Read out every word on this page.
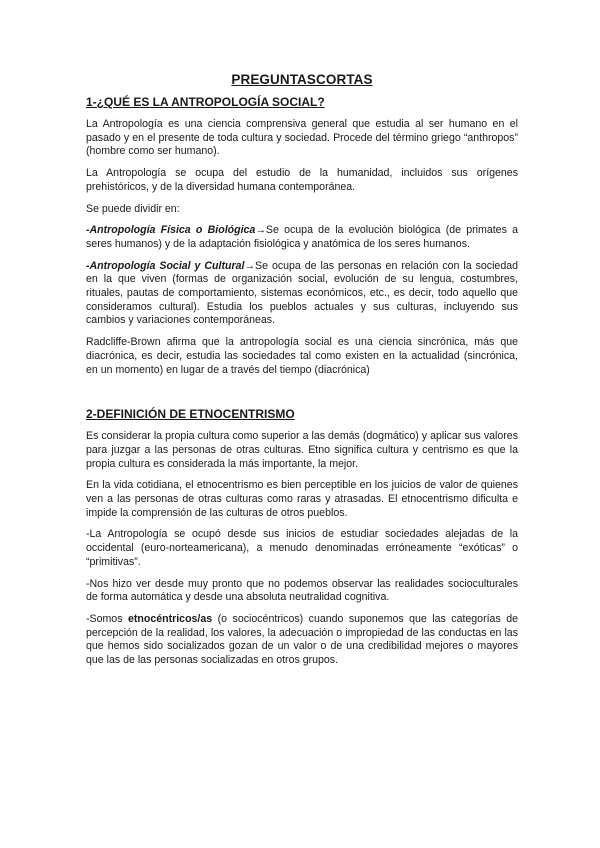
PREGUNTASCORTAS
1-¿QUÉ ES LA ANTROPOLOGÍA SOCIAL?

La Antropología es una ciencia comprensiva general que estudia al ser humano en el pasado y en el presente de toda cultura y sociedad. Procede del término griego “anthropos” (hombre como ser humano).

La Antropología se ocupa del estudio de la humanidad, incluidos sus orígenes prehistóricos, y de la diversidad humana contemporánea.

Se puede dividir en:

-Antropología Física o Biológica→Se ocupa de la evolución biológica (de primates a seres humanos) y de la adaptación fisiológica y anatómica de los seres humanos.

-Antropología Social y Cultural→Se ocupa de las personas en relación con la sociedad en la que viven (formas de organización social, evolución de su lengua, costumbres, rituales, pautas de comportamiento, sistemas económicos, etc., es decir, todo aquello que consideramos cultural). Estudia los pueblos actuales y sus culturas, incluyendo sus cambios y variaciones contemporáneas.

Radcliffe-Brown afirma que la antropología social es una ciencia sincrónica, más que diacrónica, es decir, estudia las sociedades tal como existen en la actualidad (sincrónica, en un momento) en lugar de a través del tiempo (diacrónica)

2-DEFINICIÓN DE ETNOCENTRISMO

Es considerar la propia cultura como superior a las demás (dogmático) y aplicar sus valores para juzgar a las personas de otras culturas. Etno significa cultura y centrismo es que la propia cultura es considerada la más importante, la mejor.

En la vida cotidiana, el etnocentrismo es bien perceptible en los juicios de valor de quienes ven a las personas de otras culturas como raras y atrasadas. El etnocentrismo dificulta e impide la comprensión de las culturas de otros pueblos.

-La Antropología se ocupó desde sus inicios de estudiar sociedades alejadas de la occidental (euro-norteamericana), a menudo denominadas erróneamente “exóticas” o “primitivas”.

-Nos hizo ver desde muy pronto que no podemos observar las realidades socioculturales de forma automática y desde una absoluta neutralidad cognitiva.

-Somos etnocéntricos/as (o sociocéntricos) cuando suponemos que las categorías de percepción de la realidad, los valores, la adecuación o impropiedad de las conductas en las que hemos sido socializados gozan de un valor o de una credibilidad mejores o mayores que las de las personas socializadas en otros grupos.
